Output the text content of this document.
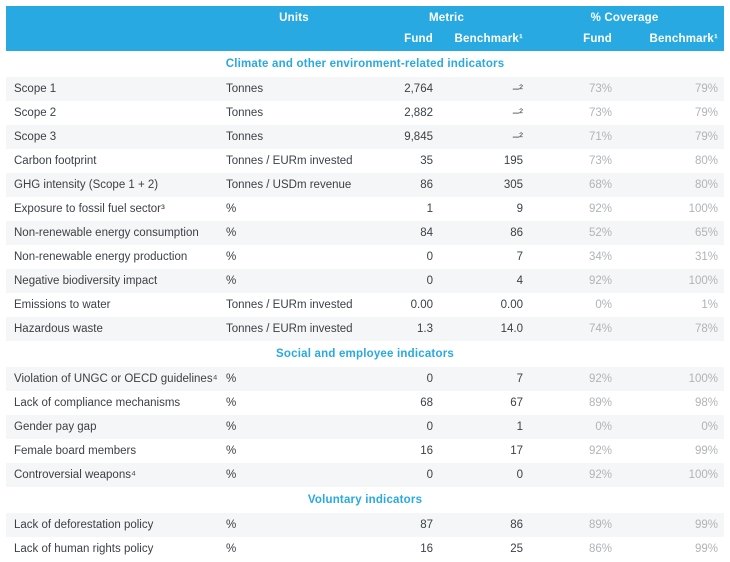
	Units	Metric		% Coverage	
		Fund	Benchmark¹	Fund	Benchmark¹
Climate and other environment-related indicators					
Scope 1	Tonnes	2,764	–²	73%	79%
Scope 2	Tonnes	2,882	–²	73%	79%
Scope 3	Tonnes	9,845	–²	71%	79%
Carbon footprint	Tonnes / EURm invested	35	195	73%	80%
GHG intensity (Scope 1 + 2)	Tonnes / USDm revenue	86	305	68%	80%
Exposure to fossil fuel sector³	%	1	9	92%	100%
Non-renewable energy consumption	%	84	86	52%	65%
Non-renewable energy production	%	0	7	34%	31%
Negative biodiversity impact	%	0	4	92%	100%
Emissions to water	Tonnes / EURm invested	0.00	0.00	0%	1%
Hazardous waste	Tonnes / EURm invested	1.3	14.0	74%	78%
Social and employee indicators					
Violation of UNGC or OECD guidelines⁴	%	0	7	92%	100%
Lack of compliance mechanisms	%	68	67	89%	98%
Gender pay gap	%	0	1	0%	0%
Female board members	%	16	17	92%	99%
Controversial weapons⁴	%	0	0	92%	100%
Voluntary indicators					
Lack of deforestation policy	%	87	86	89%	99%
Lack of human rights policy	%	16	25	86%	99%
